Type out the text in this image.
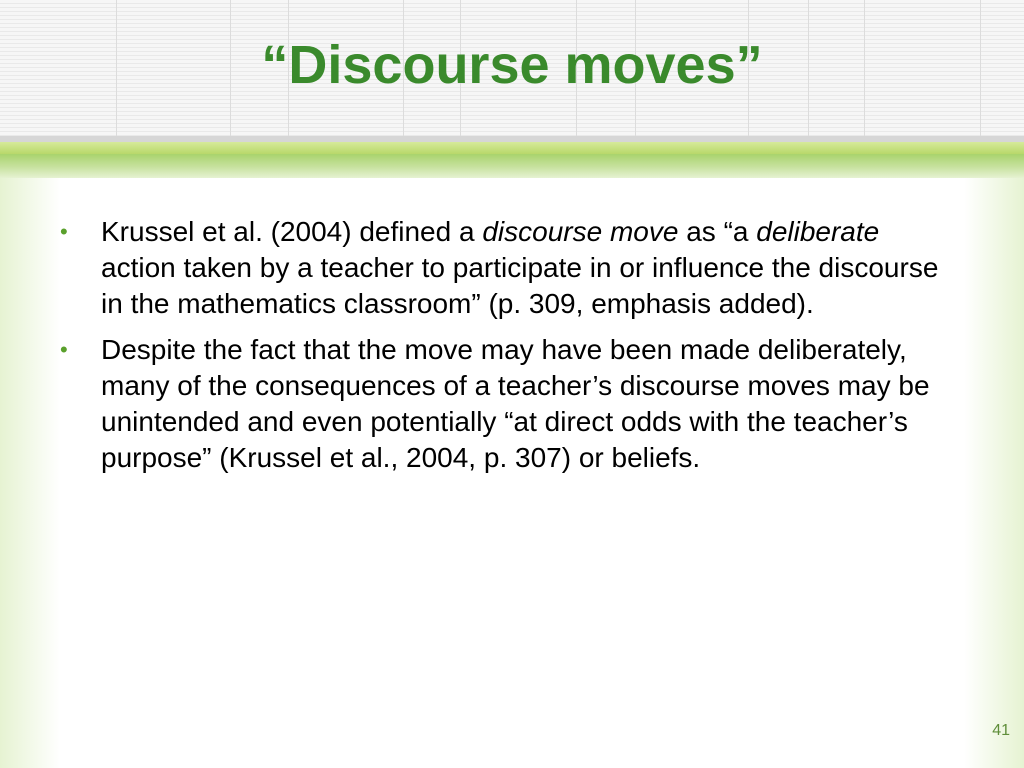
“Discourse moves”
• Krussel et al. (2004) defined a discourse move as “a deliberate action taken by a teacher to participate in or influence the discourse in the mathematics classroom” (p. 309, emphasis added).
• Despite the fact that the move may have been made deliberately, many of the consequences of a teacher’s discourse moves may be unintended and even potentially “at direct odds with the teacher’s purpose” (Krussel et al., 2004, p. 307) or beliefs.
41
